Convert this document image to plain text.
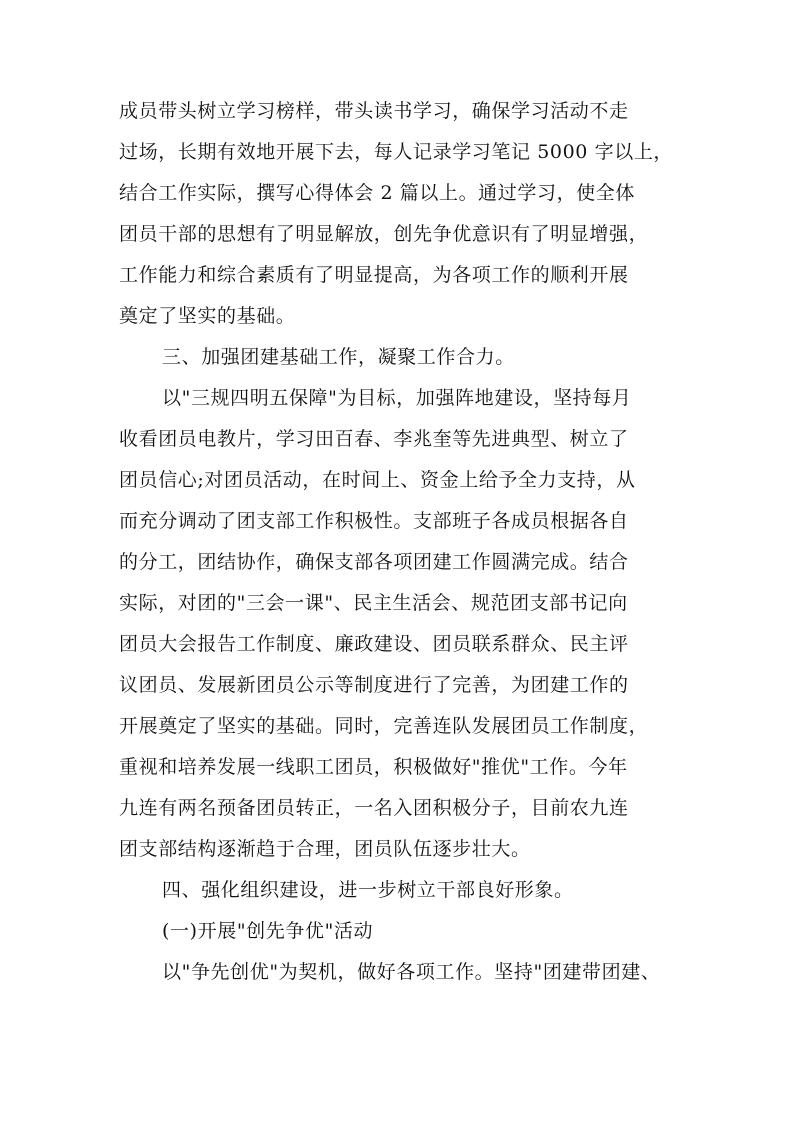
成员带头树立学习榜样，带头读书学习，确保学习活动不走
过场，长期有效地开展下去，每人记录学习笔记 5000 字以上，
结合工作实际，撰写心得体会 2 篇以上。通过学习，使全体
团员干部的思想有了明显解放，创先争优意识有了明显增强，
工作能力和综合素质有了明显提高，为各项工作的顺利开展
奠定了坚实的基础。
三、加强团建基础工作，凝聚工作合力。
以"三规四明五保障"为目标，加强阵地建设，坚持每月
收看团员电教片，学习田百春、李兆奎等先进典型、树立了
团员信心;对团员活动，在时间上、资金上给予全力支持，从
而充分调动了团支部工作积极性。支部班子各成员根据各自
的分工，团结协作，确保支部各项团建工作圆满完成。结合
实际，对团的"三会一课"、民主生活会、规范团支部书记向
团员大会报告工作制度、廉政建设、团员联系群众、民主评
议团员、发展新团员公示等制度进行了完善，为团建工作的
开展奠定了坚实的基础。同时，完善连队发展团员工作制度，
重视和培养发展一线职工团员，积极做好"推优"工作。今年
九连有两名预备团员转正，一名入团积极分子，目前农九连
团支部结构逐渐趋于合理，团员队伍逐步壮大。
四、强化组织建设，进一步树立干部良好形象。
(一)开展"创先争优"活动
以"争先创优"为契机，做好各项工作。坚持"团建带团建、
